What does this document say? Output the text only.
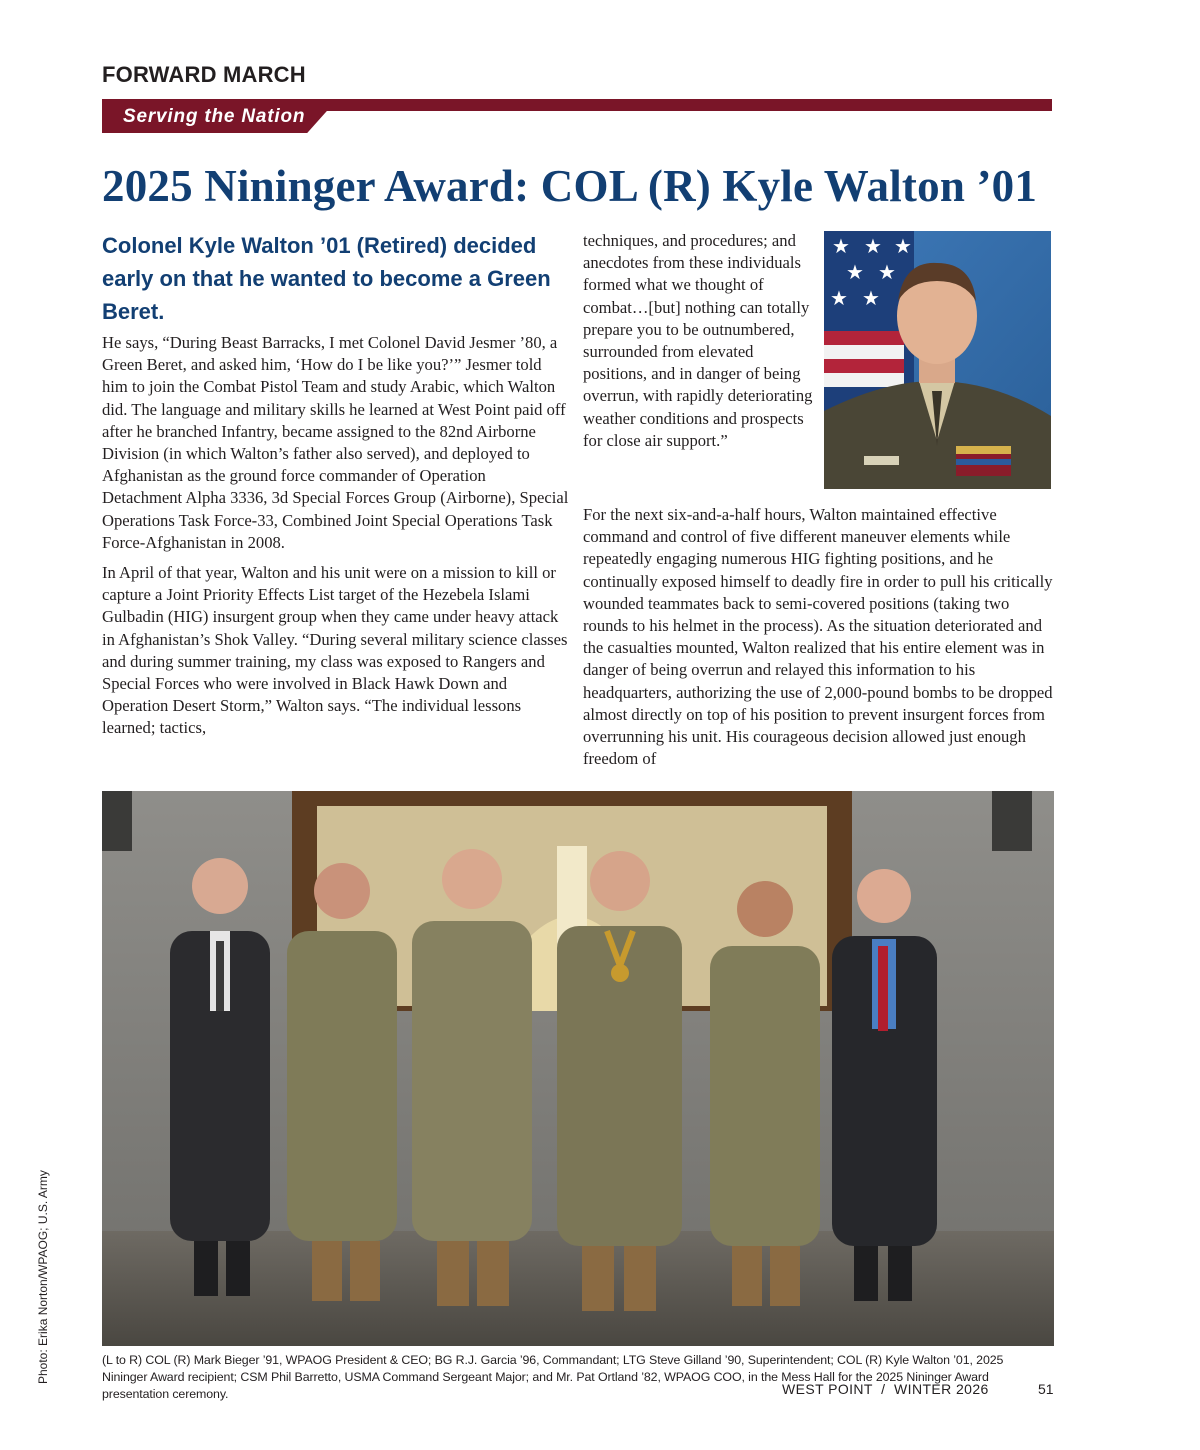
FORWARD MARCH
Serving the Nation
2025 Nininger Award: COL (R) Kyle Walton ’01
Colonel Kyle Walton ’01 (Retired) decided early on that he wanted to become a Green Beret.

He says, “During Beast Barracks, I met Colonel David Jesmer ’80, a Green Beret, and asked him, ‘How do I be like you?’” Jesmer told him to join the Combat Pistol Team and study Arabic, which Walton did. The language and military skills he learned at West Point paid off after he branched Infantry, became assigned to the 82nd Airborne Division (in which Walton’s father also served), and deployed to Afghanistan as the ground force commander of Operation Detachment Alpha 3336, 3d Special Forces Group (Airborne), Special Operations Task Force-33, Combined Joint Special Operations Task Force-Afghanistan in 2008.

In April of that year, Walton and his unit were on a mission to kill or capture a Joint Priority Effects List target of the Hezebela Islami Gulbadin (HIG) insurgent group when they came under heavy attack in Afghanistan’s Shok Valley. “During several military science classes and during summer training, my class was exposed to Rangers and Special Forces who were involved in Black Hawk Down and Operation Desert Storm,” Walton says. “The individual lessons learned; tactics,

techniques, and procedures; and anecdotes from these individuals formed what we thought of combat…[but] nothing can totally prepare you to be outnumbered, surrounded from elevated positions, and in danger of being overrun, with rapidly deteriorating weather conditions and prospects for close air support.”

★ ★ ★
★ ★
★ ★

For the next six-and-a-half hours, Walton maintained effective command and control of five different maneuver elements while repeatedly engaging numerous HIG fighting positions, and he continually exposed himself to deadly fire in order to pull his critically wounded teammates back to semi-covered positions (taking two rounds to his helmet in the process). As the situation deteriorated and the casualties mounted, Walton realized that his entire element was in danger of being overrun and relayed this information to his headquarters, authorizing the use of 2,000-pound bombs to be dropped almost directly on top of his position to prevent insurgent forces from overrunning his unit. His courageous decision allowed just enough freedom of

(L to R) COL (R) Mark Bieger ’91, WPAOG President & CEO; BG R.J. Garcia ’96, Commandant; LTG Steve Gilland ’90, Superintendent; COL (R) Kyle Walton ’01, 2025 Nininger Award recipient; CSM Phil Barretto, USMA Command Sergeant Major; and Mr. Pat Ortland ’82, WPAOG COO, in the Mess Hall for the 2025 Nininger Award presentation ceremony.
Photo: Erika Norton/WPAOG; U.S. Army
WEST POINT  /  WINTER 2026	51
